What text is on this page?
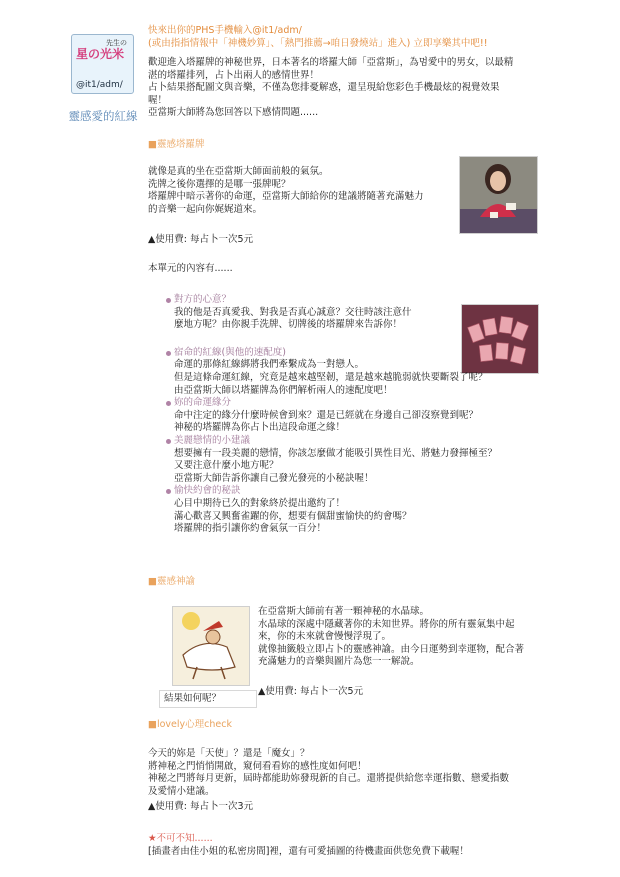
先生の
星の光米
@it1/adm/
靈感愛的紅線
快來出你的PHS手機輸入@it1/adm/
(或由指指情報中「神機妙算」、「熱門推薦→咱日發燒站」進入) 立即享樂其中吧!!
歡迎進入塔羅牌的神秘世界，日本著名的塔羅大師「亞當斯」，為멈愛中的男女，以最精
湛的塔羅排列，占卜出兩人的感情世界！
占卜結果搭配圖文與音樂，不僅為您排憂解惑，還呈現給您彩色手機最炫的視覺效果
喔！
亞當斯大師將為您回答以下感情問題......
■靈感塔羅牌
就像是真的坐在亞當斯大師面前般的氣氛。
洗牌之後你選擇的是哪一張牌呢？
塔羅牌中暗示著你的命運，亞當斯大師給你的建議將隨著充滿魅力
的音樂一起向你娓娓道來。
▲使用費: 每占卜一次5元
本單元的內容有......
對方的心意？
我的他是否真愛我、對我是否真心誠意？交往時該注意什
麼地方呢？由你親手洗牌、切牌後的塔羅牌來告訴你！
宿命的紅線(與他的速配度)
命運的那條紅線綁將我們牽繫成為一對戀人。
但是這條命運紅線，究竟是越來越堅韌，還是越來越脆弱就快要斷裂了呢？
由亞當斯大師以塔羅牌為你們解析兩人的速配度吧！
妳的命運緣分
命中注定的緣分什麼時候會到來？還是已經就在身邊自己卻沒察覺到呢？
神秘的塔羅牌為你占卜出這段命運之緣！
美麗戀情的小建議
想要擁有一段美麗的戀情，你該怎麼做才能吸引異性目光、將魅力發揮極至？
又要注意什麼小地方呢？
亞當斯大師告訴你讓自己發光發亮的小秘訣喔！
愉快約會的秘訣
心目中期待已久的對象終於提出邀約了！
滿心歡喜又興奮雀躍的你，想要有個甜蜜愉快的約會嗎？
塔羅牌的指引讓你約會氣氛一百分！
■靈感神諭
在亞當斯大師前有著一顆神秘的水晶球。
水晶球的深處中隱藏著你的未知世界。將你的所有靈氣集中起
來，你的未來就會慢慢浮現了。
就像抽籤般立即占卜的靈感神諭。由今日運勢到幸運物，配合著
充滿魅力的音樂與圖片為您一一解說。
結果如何呢？
▲使用費: 每占卜一次5元
■lovely心理check
今天的妳是「天使」？還是「魔女」？
將神秘之門悄悄開啟，窺伺看看妳的感性度如何吧！
神秘之門將每月更新，屆時都能助妳發現新的自己。還將提供給您幸運指數、戀愛指數
及愛情小建議。
▲使用費: 每占卜一次3元
★不可不知......
[插畫者由佳小姐的私密房間]裡，還有可愛插圖的待機畫面供您免費下載喔！
